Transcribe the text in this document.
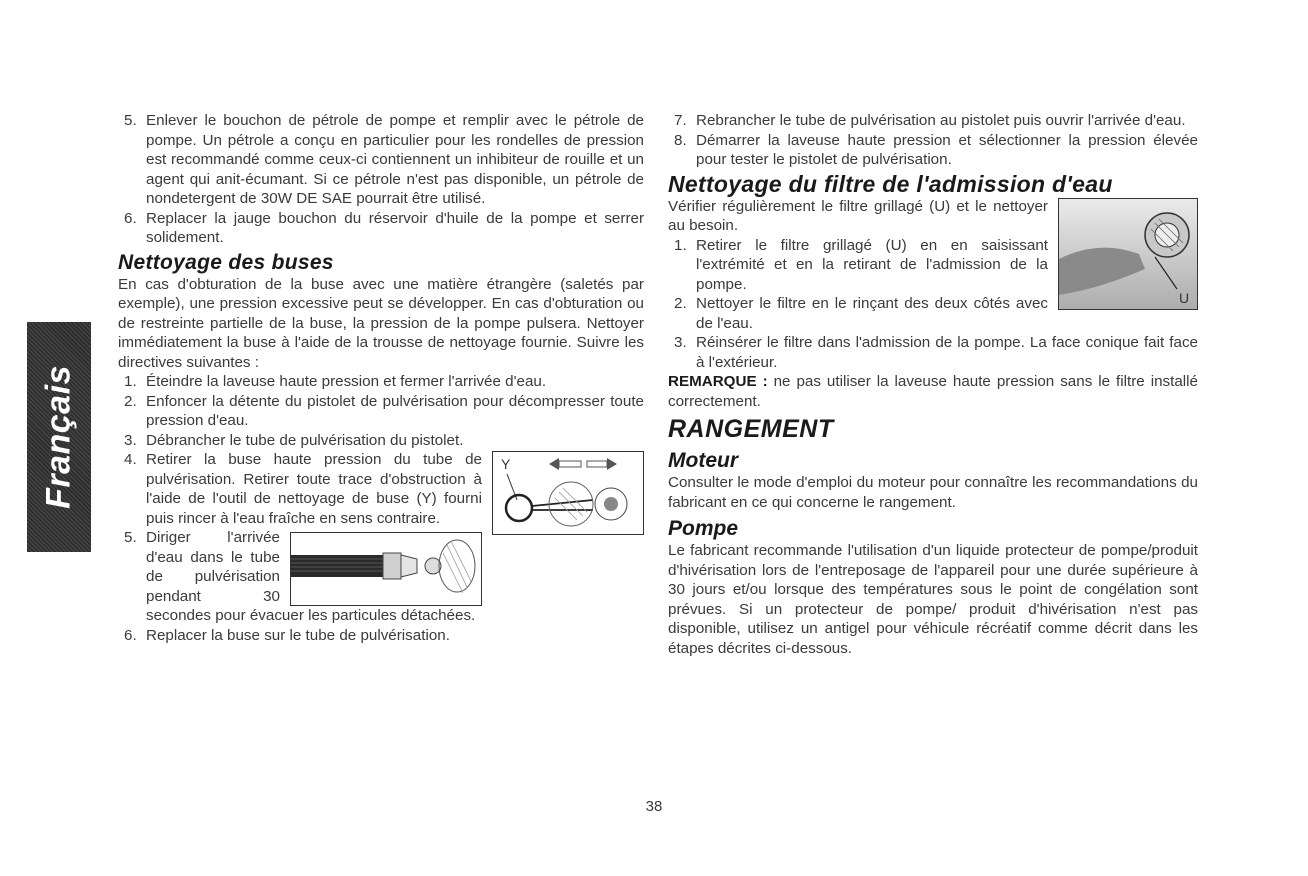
Français
5. Enlever le bouchon de pétrole de pompe et remplir avec le pétrole de pompe. Un pétrole a conçu en particulier pour les rondelles de pression est recommandé comme ceux-ci contiennent un inhibiteur de rouille et un agent qui anit-écumant. Si ce pétrole n'est pas disponible, un pétrole de nondetergent de 30W DE SAE pourrait être utilisé.
6. Replacer la jauge bouchon du réservoir d'huile de la pompe et serrer solidement.
Nettoyage des buses
En cas d'obturation de la buse avec une matière étrangère (saletés par exemple), une pression excessive peut se développer. En cas d'obturation ou de restreinte partielle de la buse, la pression de la pompe pulsera. Nettoyer immédiatement la buse à l'aide de la trousse de nettoyage fournie. Suivre les directives suivantes :
1. Éteindre la laveuse haute pression et fermer l'arrivée d'eau.
2. Enfoncer la détente du pistolet de pulvérisation pour décompresser toute pression d'eau.
3. Débrancher le tube de pulvérisation du pistolet.
Y
4. Retirer la buse haute pression du tube de pulvérisation. Retirer toute trace d'obstruction à l'aide de l'outil de nettoyage de buse (Y) fourni puis rincer à l'eau fraîche en sens contraire.
5. Diriger l'arrivée d'eau dans le tube de pulvérisation pendant 30 secondes pour évacuer les particules détachées.
6. Replacer la buse sur le tube de pulvérisation.
7. Rebrancher le tube de pulvérisation au pistolet puis ouvrir l'arrivée d'eau.
8. Démarrer la laveuse haute pression et sélectionner la pression élevée pour tester le pistolet de pulvérisation.
Nettoyage du filtre de l'admission d'eau
U
Vérifier régulièrement le filtre grillagé (U) et le nettoyer au besoin.
1. Retirer le filtre grillagé (U) en en saisissant l'extrémité et en la retirant de l'admission de la pompe.
2. Nettoyer le filtre en le rinçant des deux côtés avec de l'eau.
3. Réinsérer le filtre dans l'admission de la pompe. La face conique fait face à l'extérieur.
REMARQUE : ne pas utiliser la laveuse haute pression sans le filtre installé correctement.
RANGEMENT
Moteur
Consulter le mode d'emploi du moteur pour connaître les recommandations du fabricant en ce qui concerne le rangement.
Pompe
Le fabricant recommande l'utilisation d'un liquide protecteur de pompe/produit d'hivérisation lors de l'entreposage de l'appareil pour une durée supérieure à 30 jours et/ou lorsque des températures sous le point de congélation sont prévues. Si un protecteur de pompe/ produit d'hivérisation n'est pas disponible, utilisez un antigel pour véhicule récréatif comme décrit dans les étapes décrites ci-dessous.
38
